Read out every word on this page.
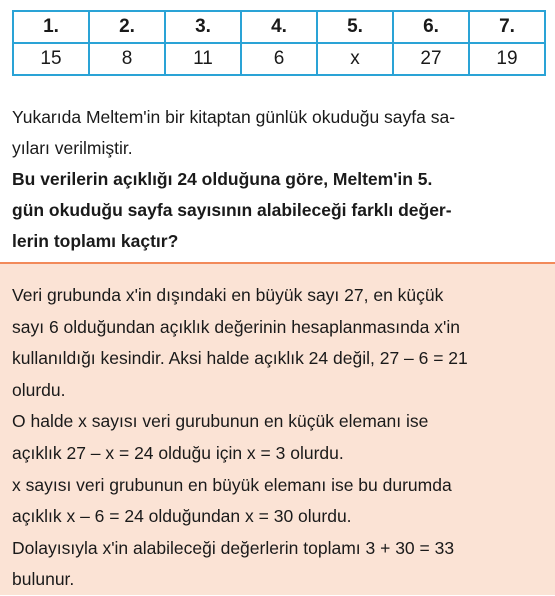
1.	2.	3.	4.	5.	6.	7.
15	8	11	6	x	27	19

Yukarıda Meltem'in bir kitaptan günlük okuduğu sayfa sa-

yıları verilmiştir.

Bu verilerin açıklığı 24 olduğuna göre, Meltem'in 5.

gün okuduğu sayfa sayısının alabileceği farklı değer-

lerin toplamı kaçtır?

Veri grubunda x'in dışındaki en büyük sayı 27, en küçük

sayı 6 olduğundan açıklık değerinin hesaplanmasında x'in

kullanıldığı kesindir. Aksi halde açıklık 24 değil, 27 – 6 = 21

olurdu.

O halde x sayısı veri gurubunun en küçük elemanı ise

açıklık 27 – x = 24 olduğu için x = 3 olurdu.

x sayısı veri grubunun en büyük elemanı ise bu durumda

açıklık x – 6 = 24 olduğundan x = 30 olurdu.

Dolayısıyla x'in alabileceği değerlerin toplamı 3 + 30 = 33

bulunur.
